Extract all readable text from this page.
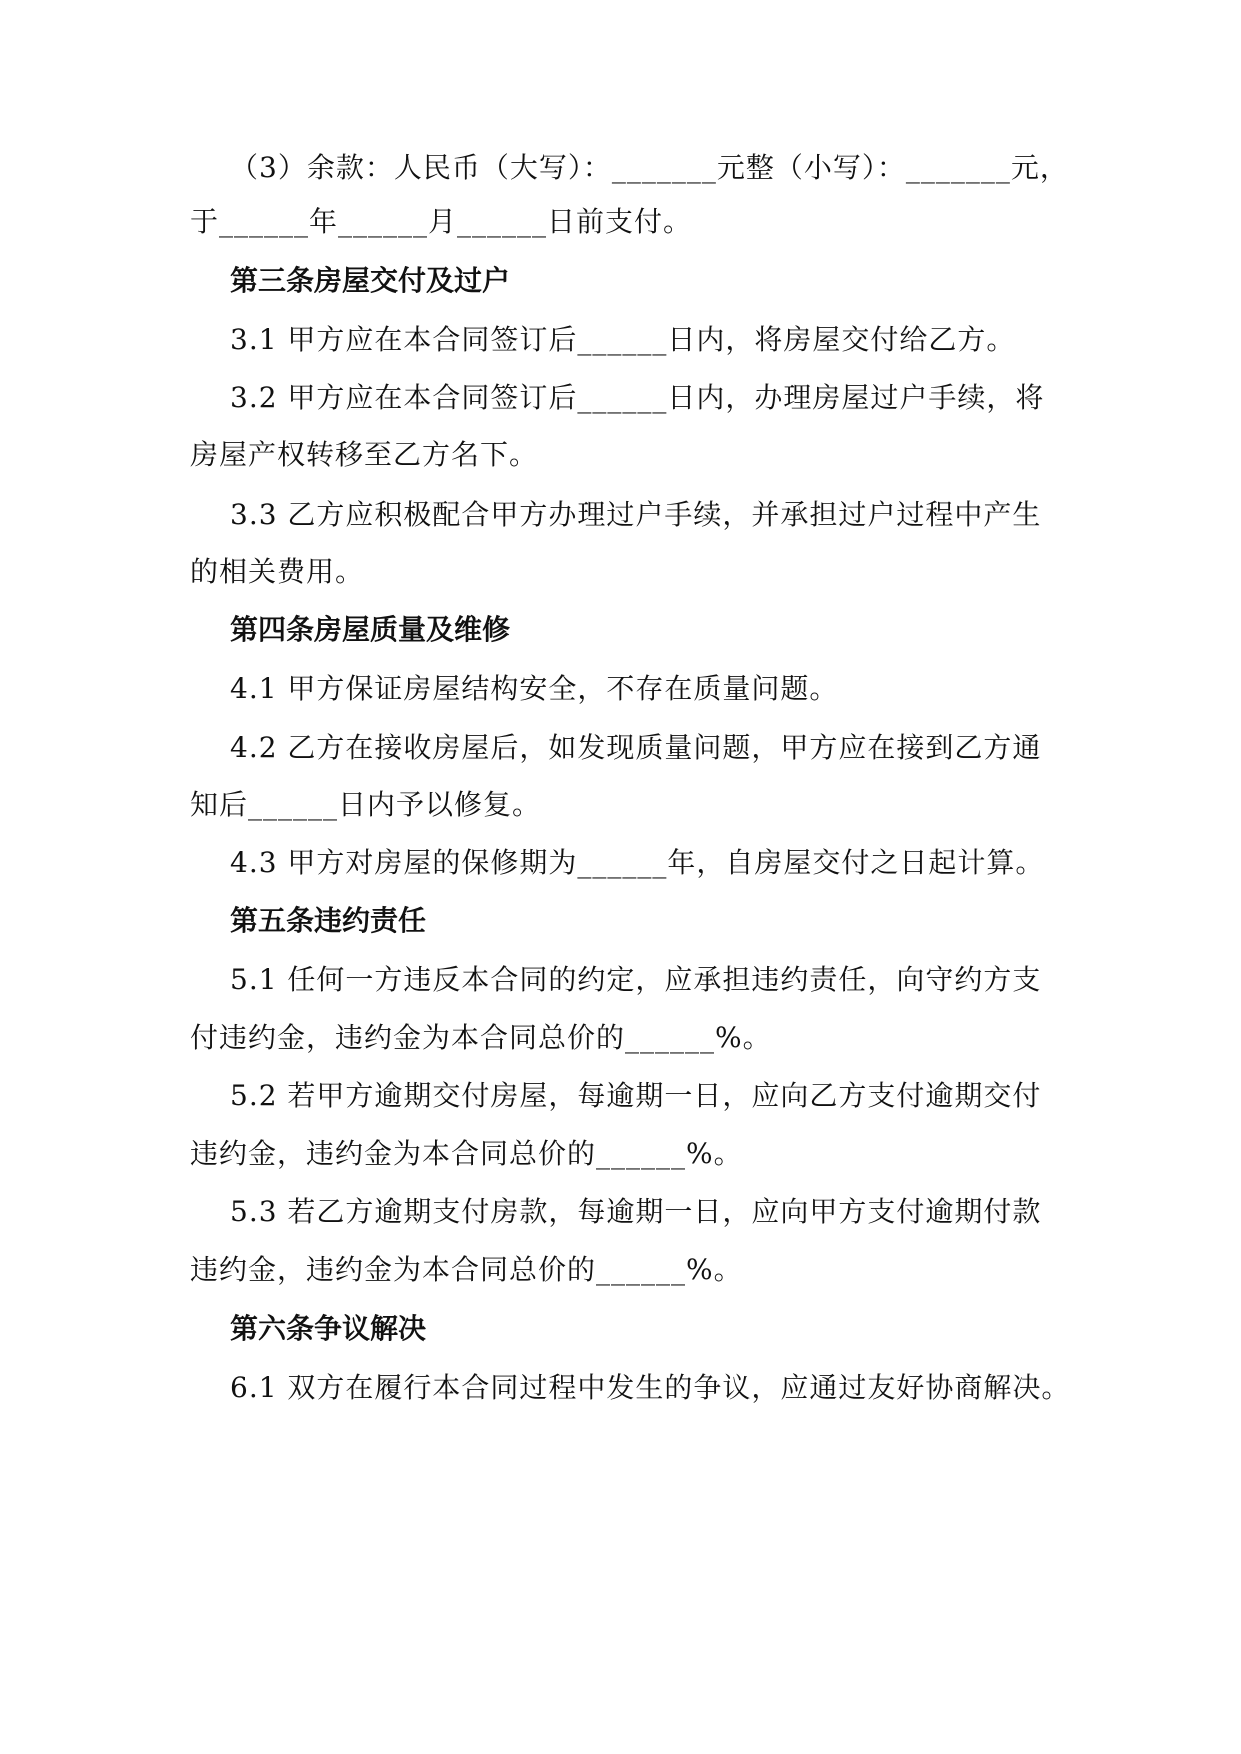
（3）余款：人民币（大写）：_______元整（小写）：_______元，
于______年______月______日前支付。
第三条房屋交付及过户
3.1 甲方应在本合同签订后______日内，将房屋交付给乙方。
3.2 甲方应在本合同签订后______日内，办理房屋过户手续，将
房屋产权转移至乙方名下。
3.3 乙方应积极配合甲方办理过户手续，并承担过户过程中产生
的相关费用。
第四条房屋质量及维修
4.1 甲方保证房屋结构安全，不存在质量问题。
4.2 乙方在接收房屋后，如发现质量问题，甲方应在接到乙方通
知后______日内予以修复。
4.3 甲方对房屋的保修期为______年，自房屋交付之日起计算。
第五条违约责任
5.1 任何一方违反本合同的约定，应承担违约责任，向守约方支
付违约金，违约金为本合同总价的______%。
5.2 若甲方逾期交付房屋，每逾期一日，应向乙方支付逾期交付
违约金，违约金为本合同总价的______%。
5.3 若乙方逾期支付房款，每逾期一日，应向甲方支付逾期付款
违约金，违约金为本合同总价的______%。
第六条争议解决
6.1 双方在履行本合同过程中发生的争议，应通过友好协商解决。
